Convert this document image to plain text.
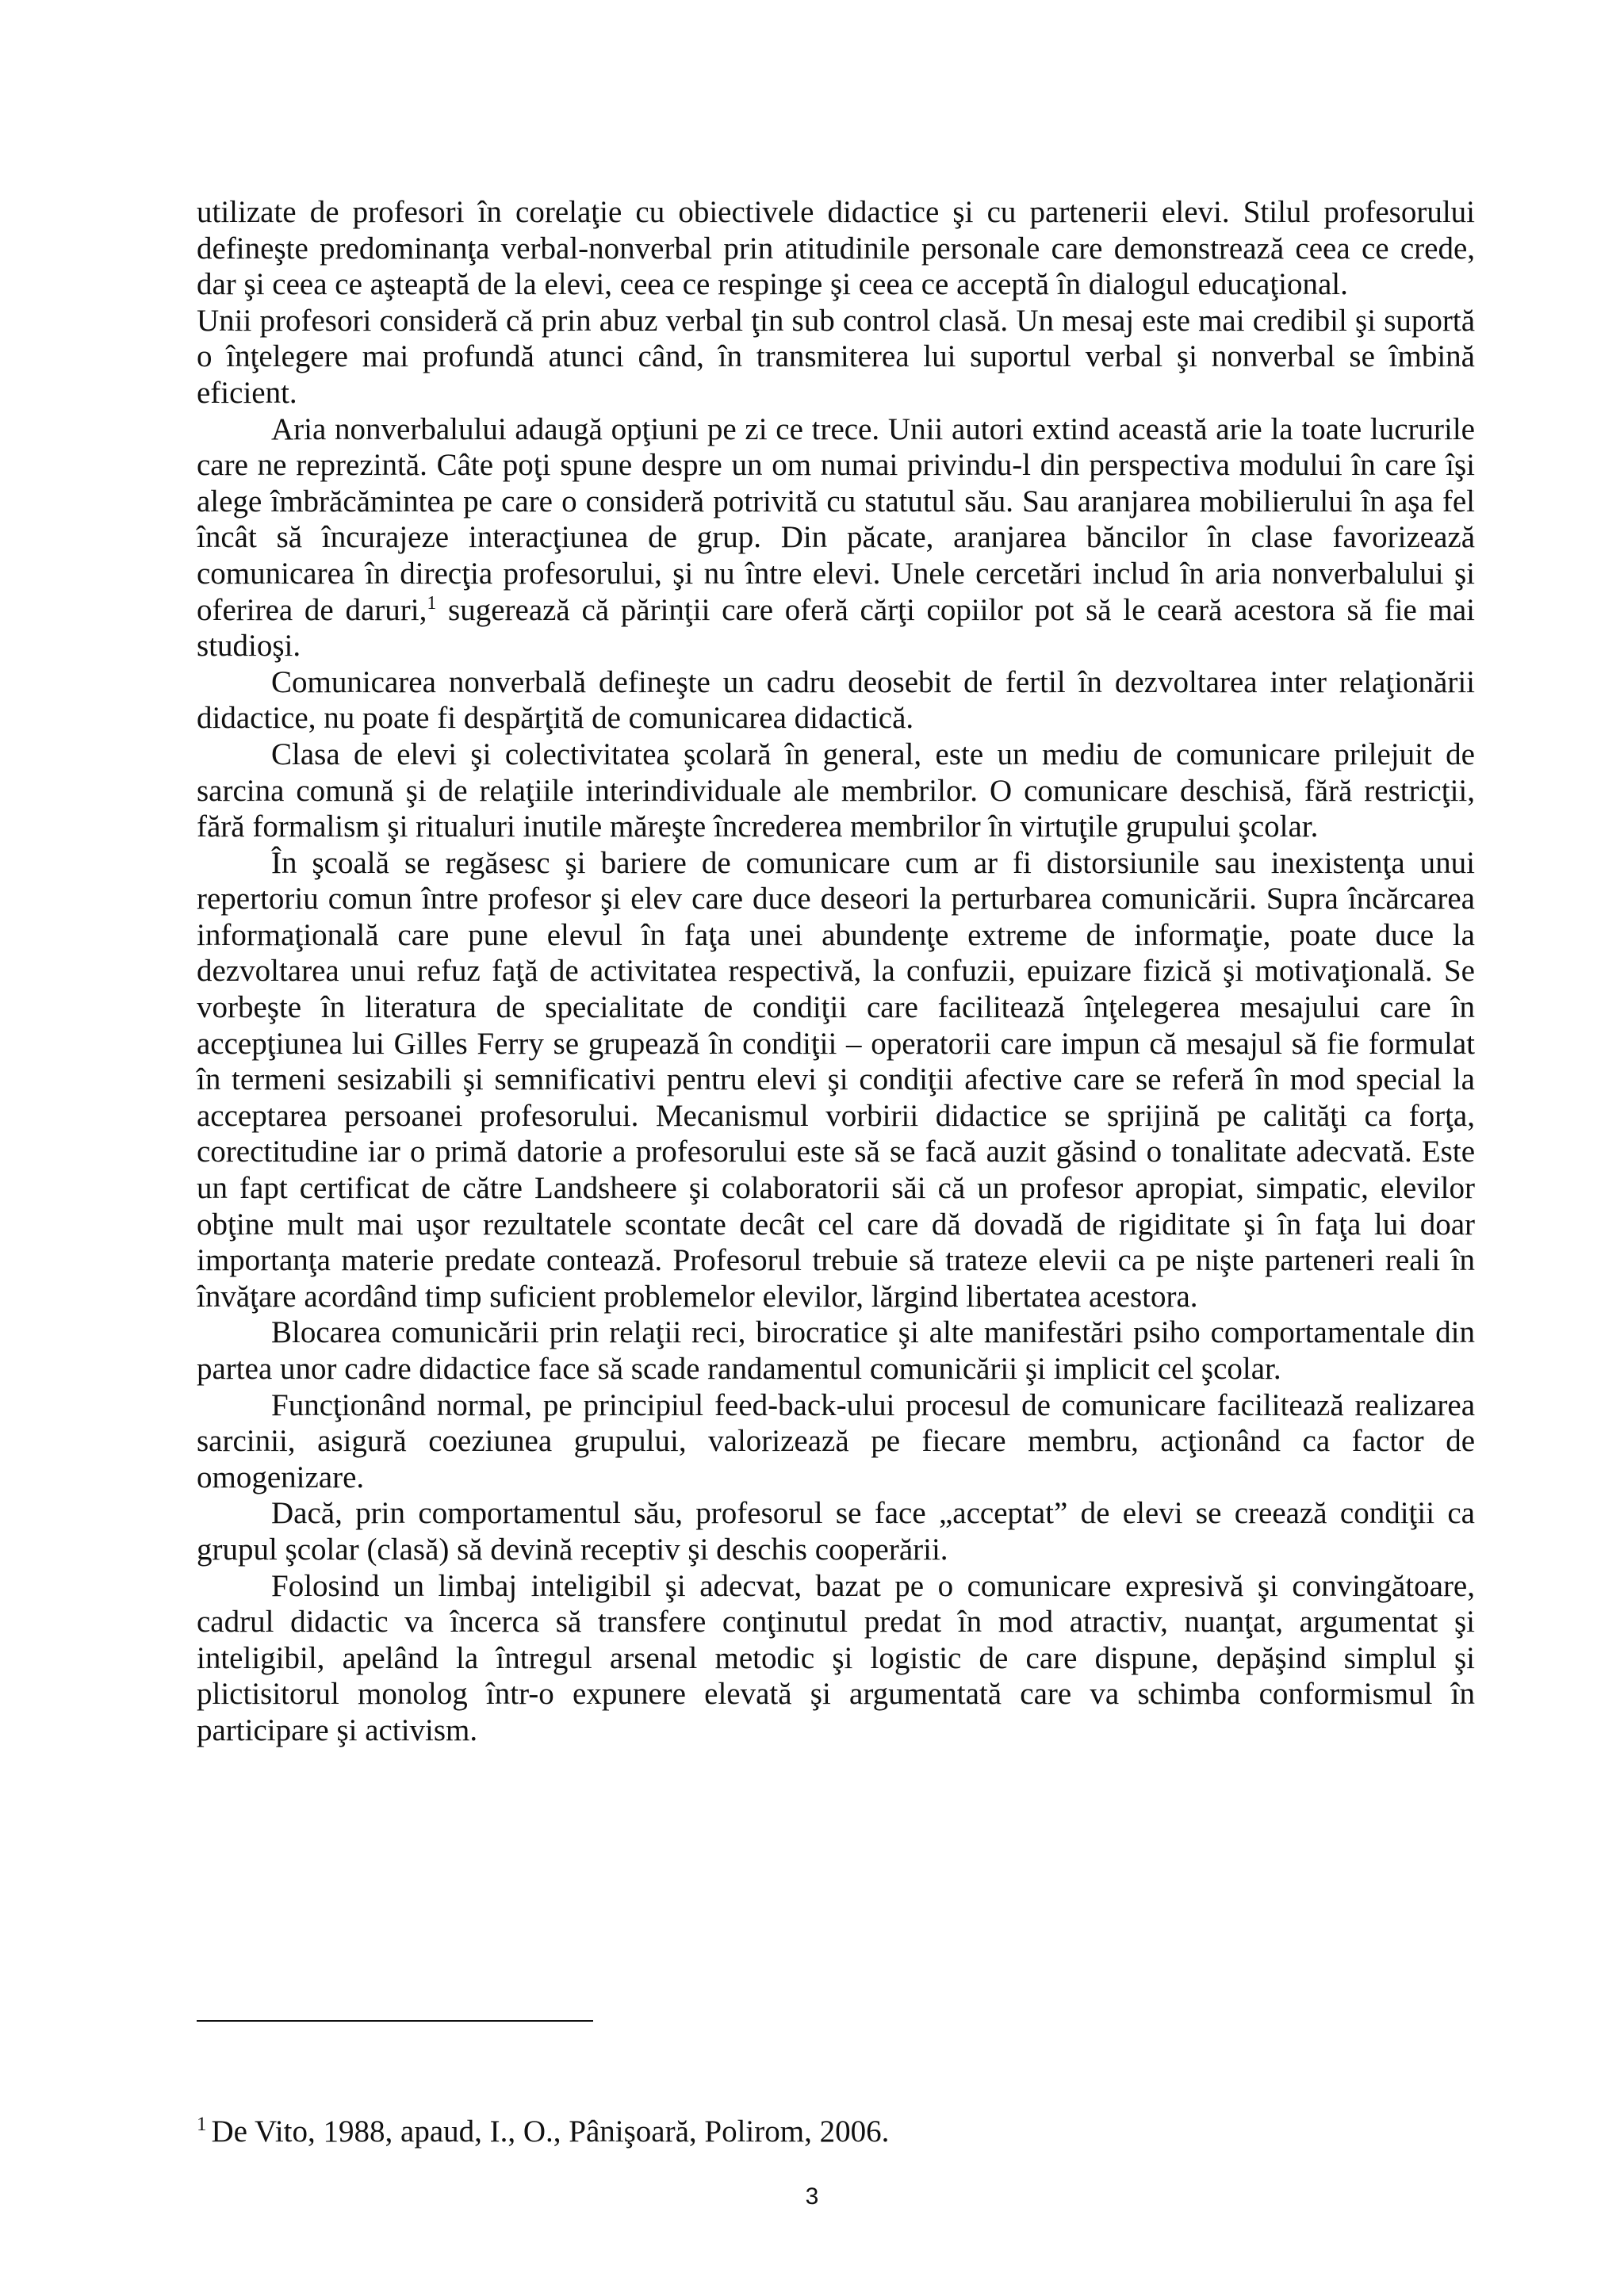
utilizate de profesori în corelaţie cu obiectivele didactice şi cu partenerii elevi. Stilul profesorului defineşte predominanţa verbal-nonverbal prin atitudinile personale care demonstrează ceea ce crede, dar şi ceea ce aşteaptă de la elevi, ceea ce respinge şi ceea ce acceptă în dialogul educaţional.

Unii profesori consideră că prin abuz verbal ţin sub control clasă. Un mesaj este mai credibil şi suportă o înţelegere mai profundă atunci când, în transmiterea lui suportul verbal şi nonverbal se îmbină eficient.

Aria nonverbalului adaugă opţiuni pe zi ce trece. Unii autori extind această arie la toate lucrurile care ne reprezintă. Câte poţi spune despre un om numai privindu-l din perspectiva modului în care îşi alege îmbrăcămintea pe care o consideră potrivită cu statutul său. Sau aranjarea mobilierului în aşa fel încât să încurajeze interacţiunea de grup. Din păcate, aranjarea băncilor în clase favorizează comunicarea în direcţia profesorului, şi nu între elevi. Unele cercetări includ în aria nonverbalului şi oferirea de daruri,$^1$ sugerează că părinţii care oferă cărţi copiilor pot să le ceară acestora să fie mai studioşi.

Comunicarea nonverbală defineşte un cadru deosebit de fertil în dezvoltarea inter relaţionării didactice, nu poate fi despărţită de comunicarea didactică.

Clasa de elevi şi colectivitatea şcolară în general, este un mediu de comunicare prilejuit de sarcina comună şi de relaţiile interindividuale ale membrilor. O comunicare deschisă, fără restricţii, fără formalism şi ritualuri inutile măreşte încrederea membrilor în virtuţile grupului şcolar.

În şcoală se regăsesc şi bariere de comunicare cum ar fi distorsiunile sau inexistenţa unui repertoriu comun între profesor şi elev care duce deseori la perturbarea comunicării. Supra încărcarea informaţională care pune elevul în faţa unei abundenţe extreme de informaţie, poate duce la dezvoltarea unui refuz faţă de activitatea respectivă, la confuzii, epuizare fizică şi motivaţională. Se vorbeşte în literatura de specialitate de condiţii care facilitează înţelegerea mesajului care în accepţiunea lui Gilles Ferry se grupează în condiţii – operatorii care impun că mesajul să fie formulat în termeni sesizabili şi semnificativi pentru elevi şi condiţii afective care se referă în mod special la acceptarea persoanei profesorului. Mecanismul vorbirii didactice se sprijină pe calităţi ca forţa, corectitudine iar o primă datorie a profesorului este să se facă auzit găsind o tonalitate adecvată. Este un fapt certificat de către Landsheere şi colaboratorii săi că un profesor apropiat, simpatic, elevilor obţine mult mai uşor rezultatele scontate decât cel care dă dovadă de rigiditate şi în faţa lui doar importanţa materie predate contează. Profesorul trebuie să trateze elevii ca pe nişte parteneri reali în învăţare acordând timp suficient problemelor elevilor, lărgind libertatea acestora.

Blocarea comunicării prin relaţii reci, birocratice şi alte manifestări psiho comportamentale din partea unor cadre didactice face să scade randamentul comunicării şi implicit cel şcolar.

Funcţionând normal, pe principiul feed-back-ului procesul de comunicare facilitează realizarea sarcinii, asigură coeziunea grupului, valorizează pe fiecare membru, acţionând ca factor de omogenizare.

Dacă, prin comportamentul său, profesorul se face „acceptat” de elevi se creează condiţii ca grupul şcolar (clasă) să devină receptiv şi deschis cooperării.

Folosind un limbaj inteligibil şi adecvat, bazat pe o comunicare expresivă şi convingătoare, cadrul didactic va încerca să transfere conţinutul predat în mod atractiv, nuanţat, argumentat şi inteligibil, apelând la întregul arsenal metodic şi logistic de care dispune, depăşind simplul şi plictisitorul monolog într-o expunere elevată şi argumentată care va schimba conformismul în participare şi activism.

$^1$ De Vito, 1988, apaud, I., O., Pânişoară, Polirom, 2006.
3
